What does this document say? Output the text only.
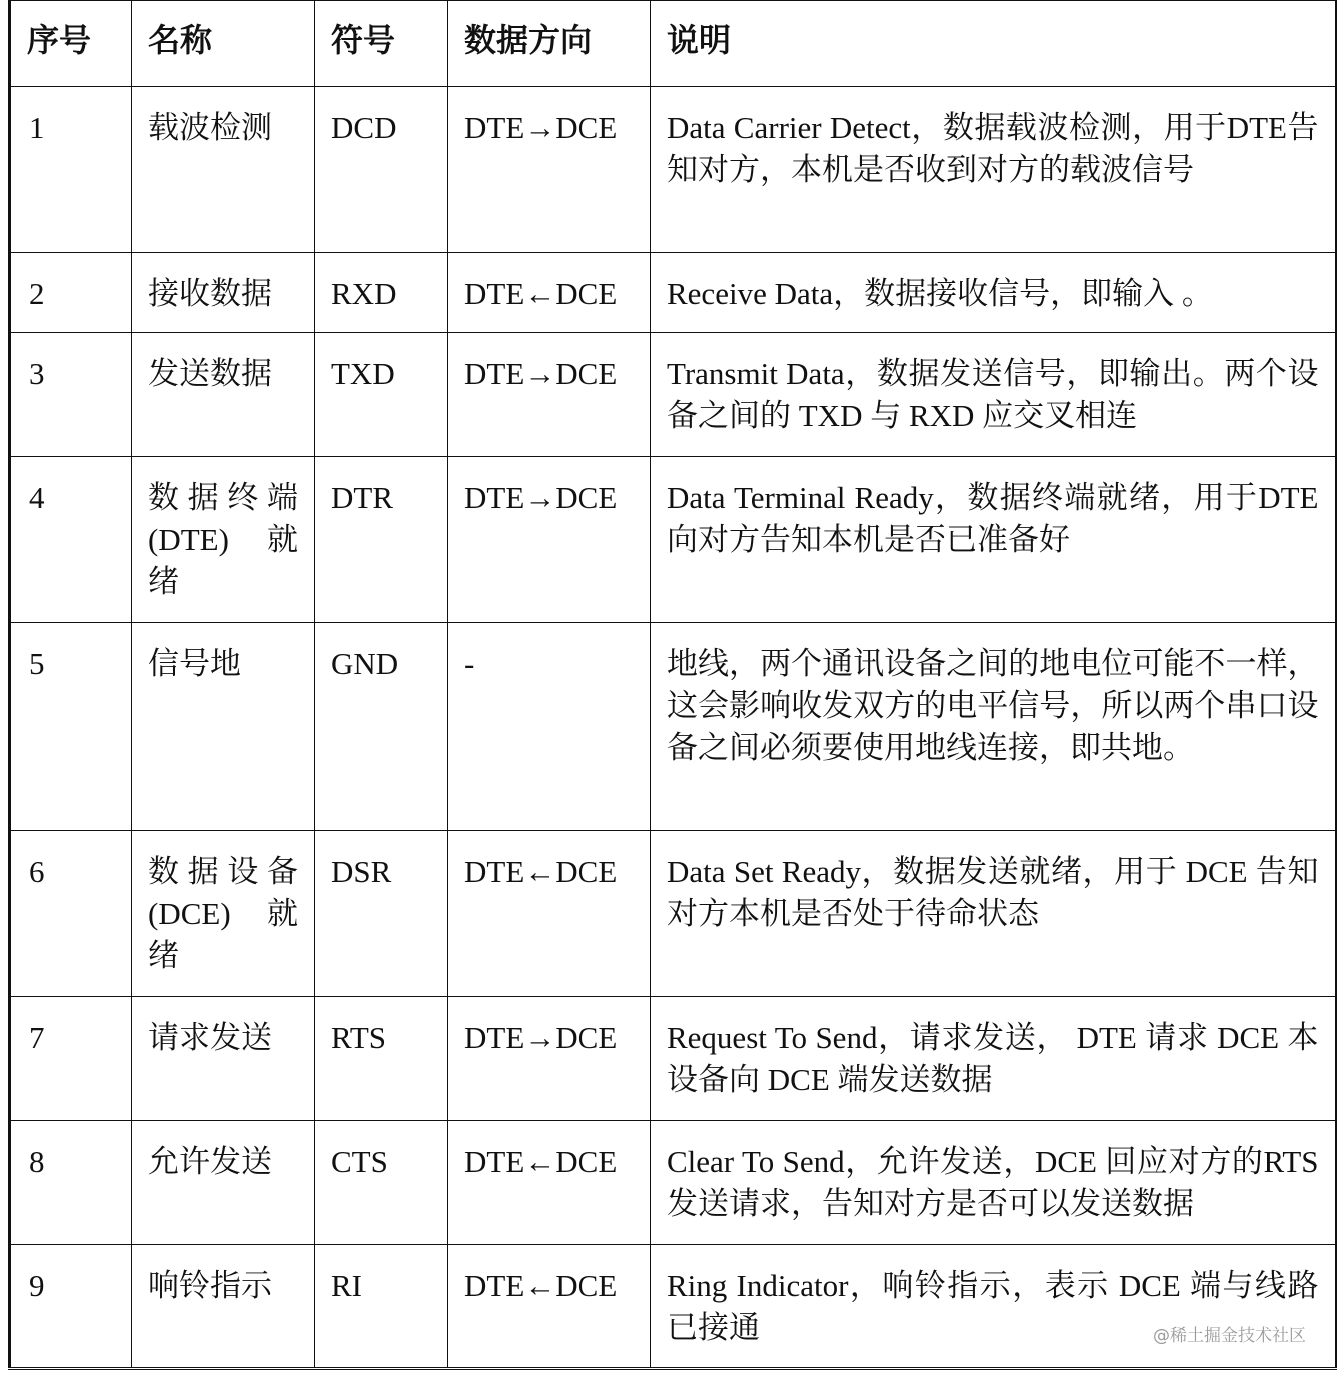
序号	名称	符号	数据方向	说明
1	载波检测	DCD	DTE→DCE	Data Carrier Detect，数据载波检测，用于DTE告知对方，本机是否收到对方的载波信号
2	接收数据	RXD	DTE←DCE	Receive Data，数据接收信号，即输入 。
3	发送数据	TXD	DTE→DCE	Transmit Data，数据发送信号，即输出。两个设备之间的 TXD 与 RXD 应交叉相连
4	数据终端(DTE) 就绪	DTR	DTE→DCE	Data Terminal Ready，数据终端就绪，用于DTE 向对方告知本机是否已准备好
5	信号地	GND	-	地线，两个通讯设备之间的地电位可能不一样，这会影响收发双方的电平信号，所以两个串口设备之间必须要使用地线连接，即共地。
6	数据设备(DCE) 就绪	DSR	DTE←DCE	Data Set Ready，数据发送就绪，用于 DCE 告知对方本机是否处于待命状态
7	请求发送	RTS	DTE→DCE	Request To Send，请求发送， DTE 请求 DCE 本设备向 DCE 端发送数据
8	允许发送	CTS	DTE←DCE	Clear To Send，允许发送，DCE 回应对方的RTS 发送请求，告知对方是否可以发送数据
9	响铃指示	RI	DTE←DCE	Ring Indicator，响铃指示，表示 DCE 端与线路已接通	@稀土掘金技术社区
